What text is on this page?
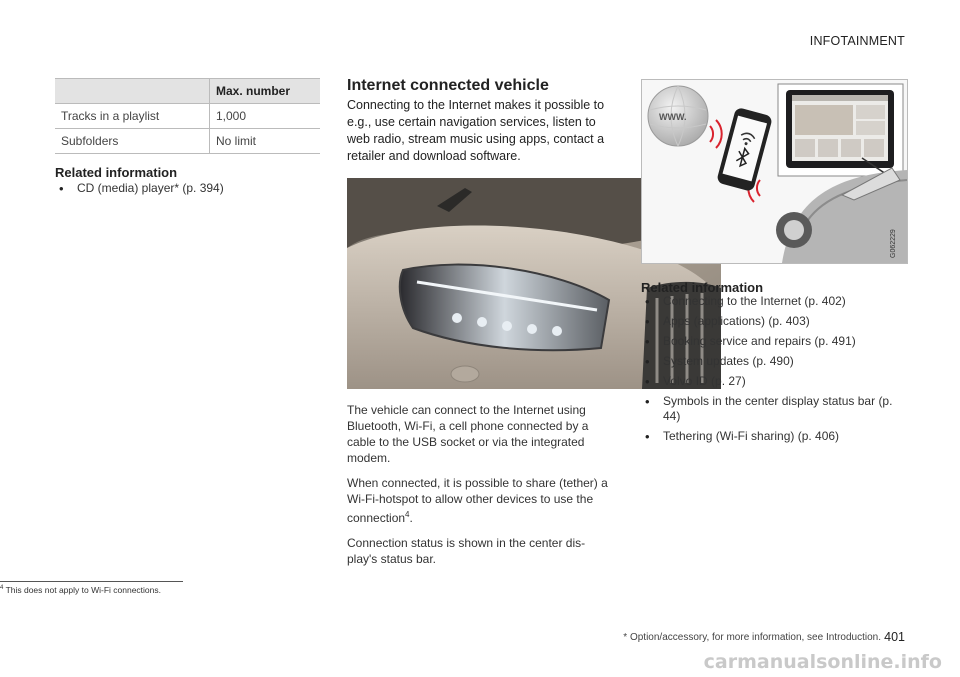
INFOTAINMENT
	Max. number
Tracks in a playlist	1,000
Subfolders	No limit
Related information
• CD (media) player* (p. 394)
Internet connected vehicle
Connecting to the Internet makes it possible to e.g., use certain navigation services, listen to web radio, stream music using apps, contact a retailer and download software.

The vehicle can connect to the Internet using Bluetooth, Wi-Fi, a cell phone connected by a cable to the USB socket or via the integrated modem.

When connected, it is possible to share (tether) a Wi-Fi-hotspot to allow other devices to use the connection$^4$.

Connection status is shown in the center dis-play's status bar.

WWW.
G062229
Related information
• Connecting to the Internet (p. 402)
• Apps (applications) (p. 403)
• Booking service and repairs (p. 491)
• System updates (p. 490)
• Volvo ID (p. 27)
• Symbols in the center display status bar (p. 44)
• Tethering (Wi-Fi sharing) (p. 406)
$^4$ This does not apply to Wi-Fi connections.
* Option/accessory, for more information, see Introduction. 401
carmanualsonline.info
